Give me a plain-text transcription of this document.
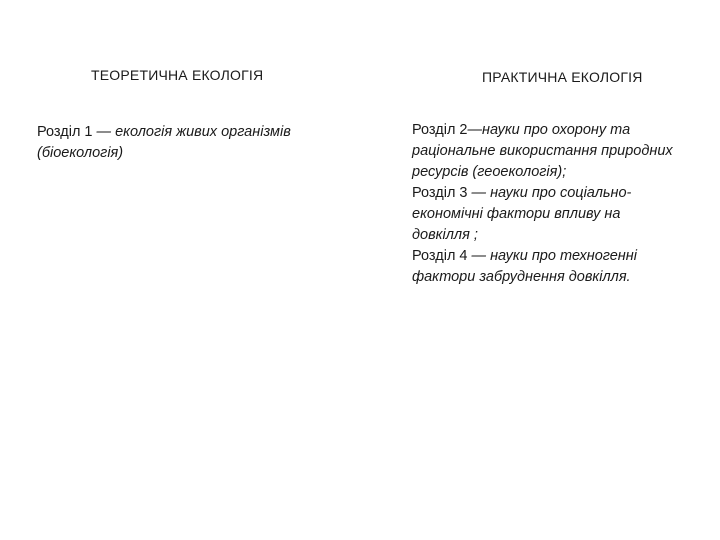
ТЕОРЕТИЧНА ЕКОЛОГІЯ	ПРАКТИЧНА ЕКОЛОГІЯ
Розділ 1 — екологія живих організмів (біоекологія)
Розділ 2—науки про охорону та раціональне використання природних ресурсів (геоекологія);
Розділ 3 — науки про соціально-економічні фактори впливу на довкілля ;
Розділ 4 — науки про техногенні фактори забруднення довкілля.
